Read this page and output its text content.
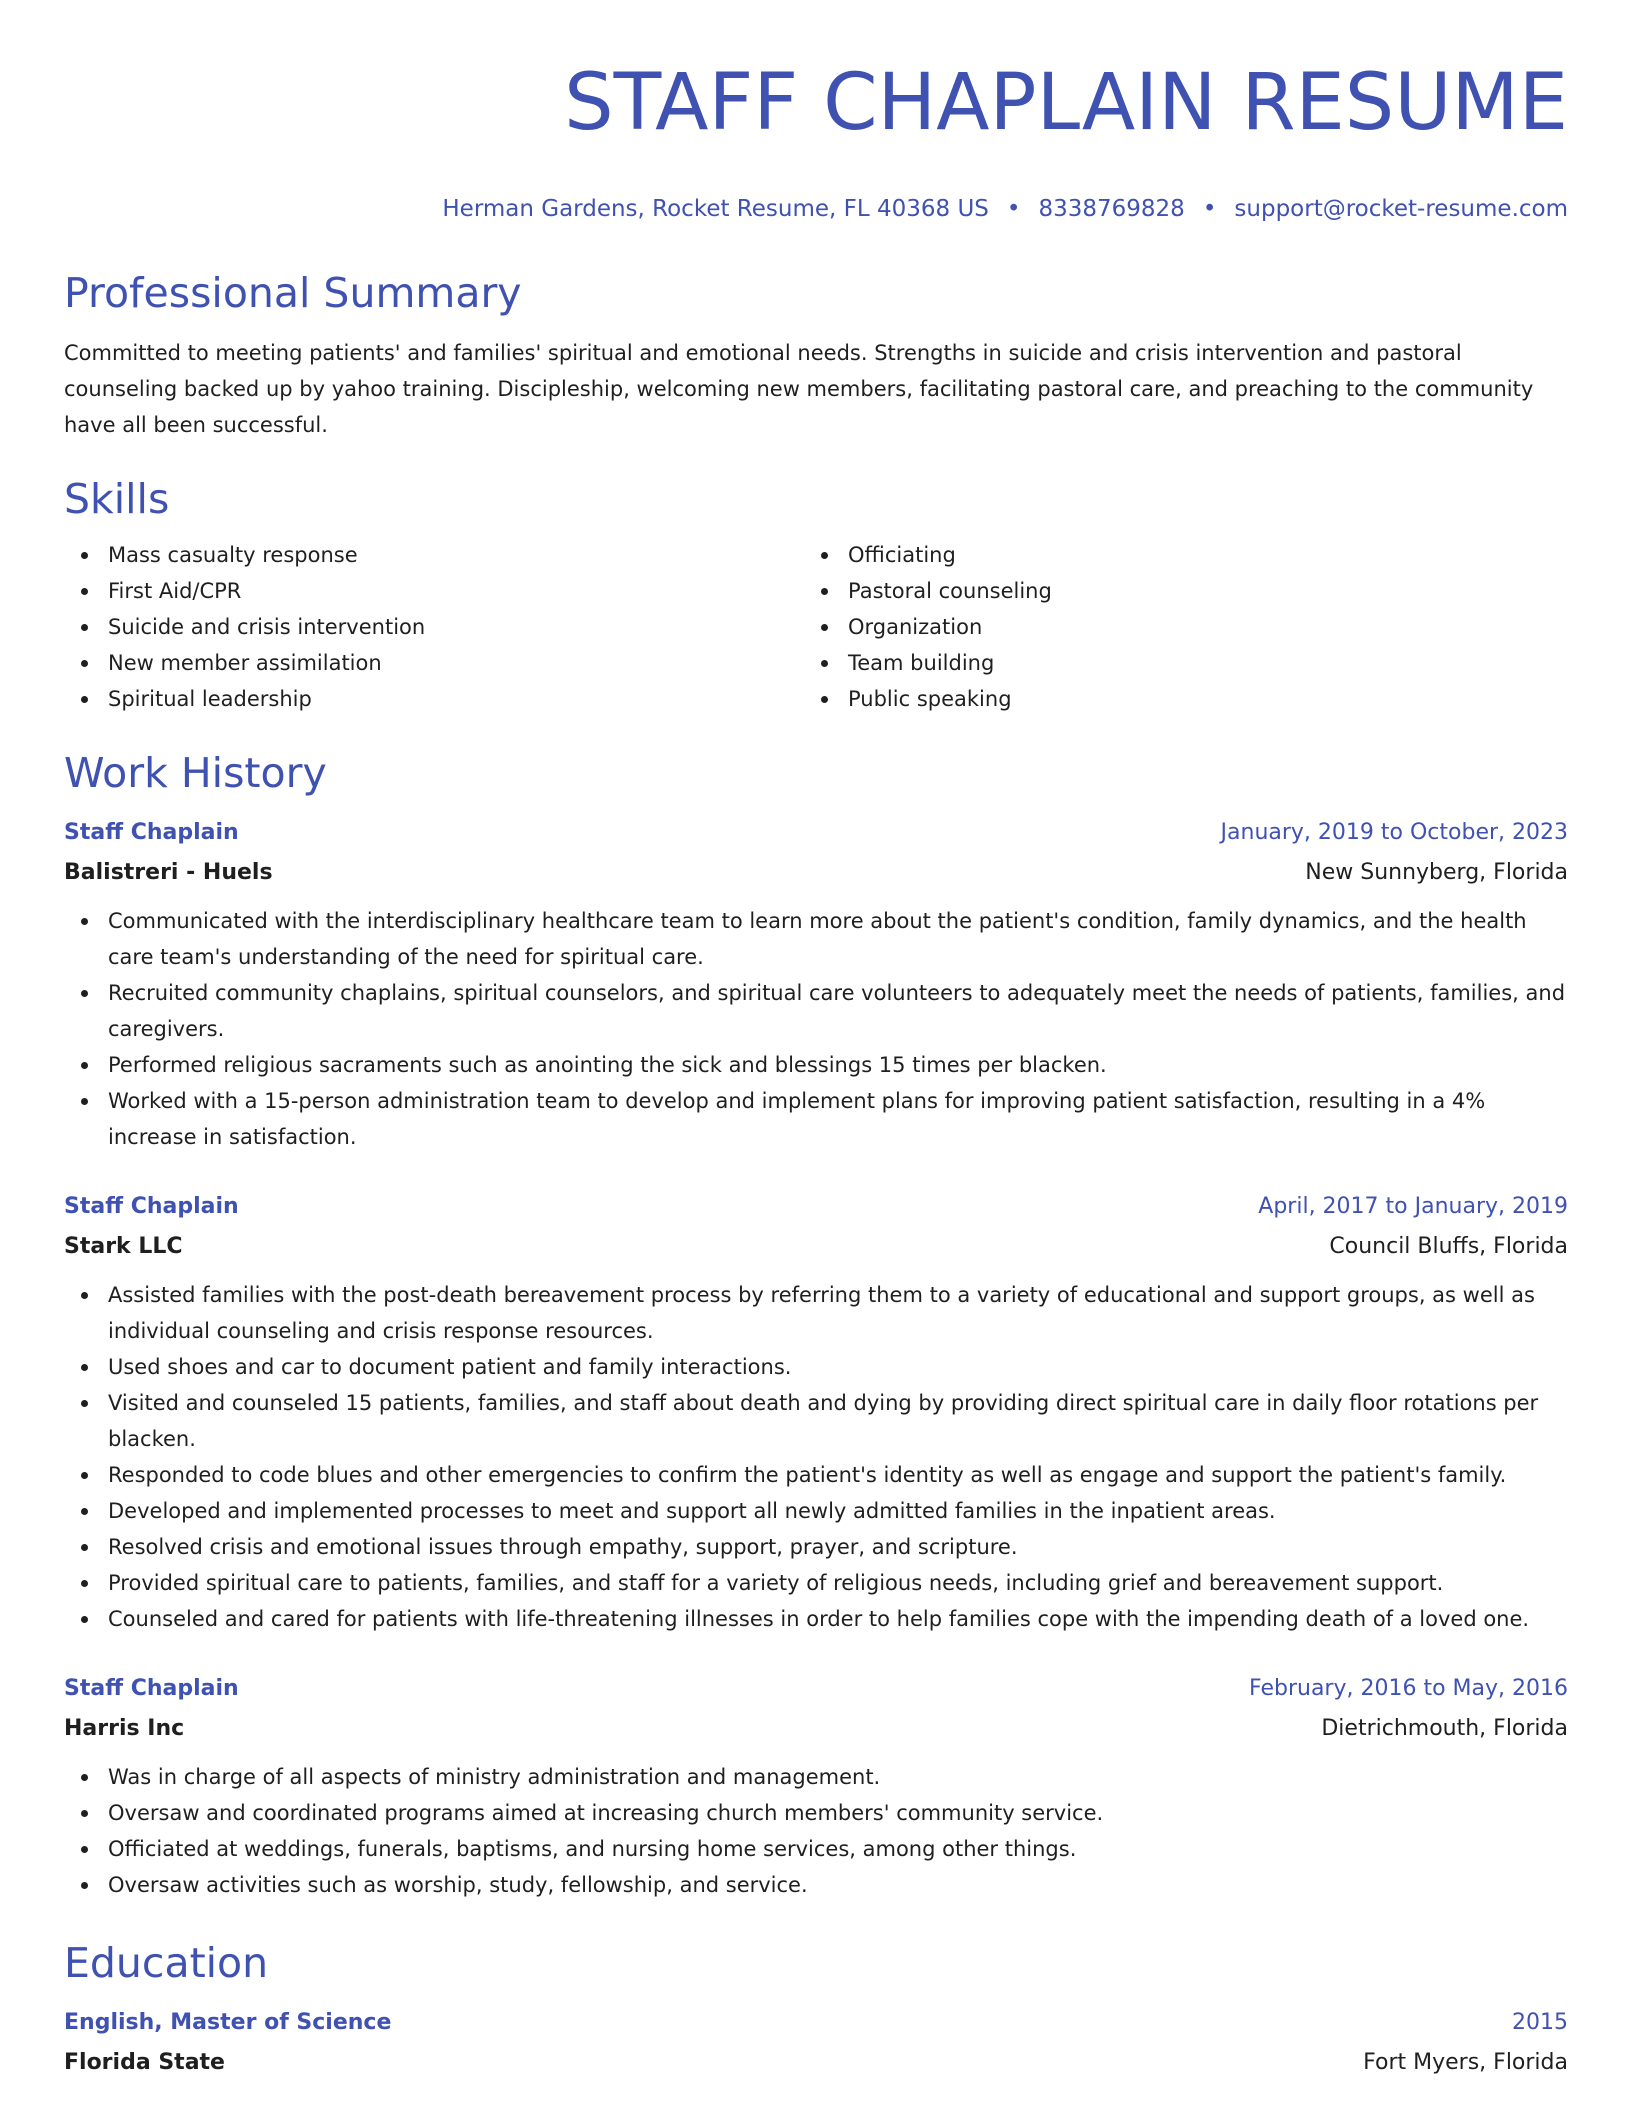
STAFF CHAPLAIN RESUME
Herman Gardens, Rocket Resume, FL 40368 US • 8338769828 • support@rocket-resume.com
Professional Summary
Committed to meeting patients' and families' spiritual and emotional needs. Strengths in suicide and crisis intervention and pastoral counseling backed up by yahoo training. Discipleship, welcoming new members, facilitating pastoral care, and preaching to the community have all been successful.
Skills
Mass casualty response
First Aid/CPR
Suicide and crisis intervention
New member assimilation
Spiritual leadership
Officiating
Pastoral counseling
Organization
Team building
Public speaking
Work History
Staff Chaplain	January, 2019 to October, 2023
Balistreri - Huels	New Sunnyberg, Florida
Communicated with the interdisciplinary healthcare team to learn more about the patient's condition, family dynamics, and the health care team's understanding of the need for spiritual care.
Recruited community chaplains, spiritual counselors, and spiritual care volunteers to adequately meet the needs of patients, families, and caregivers.
Performed religious sacraments such as anointing the sick and blessings 15 times per blacken.
Worked with a 15-person administration team to develop and implement plans for improving patient satisfaction, resulting in a 4% increase in satisfaction.
Staff Chaplain	April, 2017 to January, 2019
Stark LLC	Council Bluffs, Florida
Assisted families with the post-death bereavement process by referring them to a variety of educational and support groups, as well as individual counseling and crisis response resources.
Used shoes and car to document patient and family interactions.
Visited and counseled 15 patients, families, and staff about death and dying by providing direct spiritual care in daily floor rotations per blacken.
Responded to code blues and other emergencies to confirm the patient's identity as well as engage and support the patient's family.
Developed and implemented processes to meet and support all newly admitted families in the inpatient areas.
Resolved crisis and emotional issues through empathy, support, prayer, and scripture.
Provided spiritual care to patients, families, and staff for a variety of religious needs, including grief and bereavement support.
Counseled and cared for patients with life-threatening illnesses in order to help families cope with the impending death of a loved one.
Staff Chaplain	February, 2016 to May, 2016
Harris Inc	Dietrichmouth, Florida
Was in charge of all aspects of ministry administration and management.
Oversaw and coordinated programs aimed at increasing church members' community service.
Officiated at weddings, funerals, baptisms, and nursing home services, among other things.
Oversaw activities such as worship, study, fellowship, and service.
Education
English, Master of Science	2015
Florida State	Fort Myers, Florida
